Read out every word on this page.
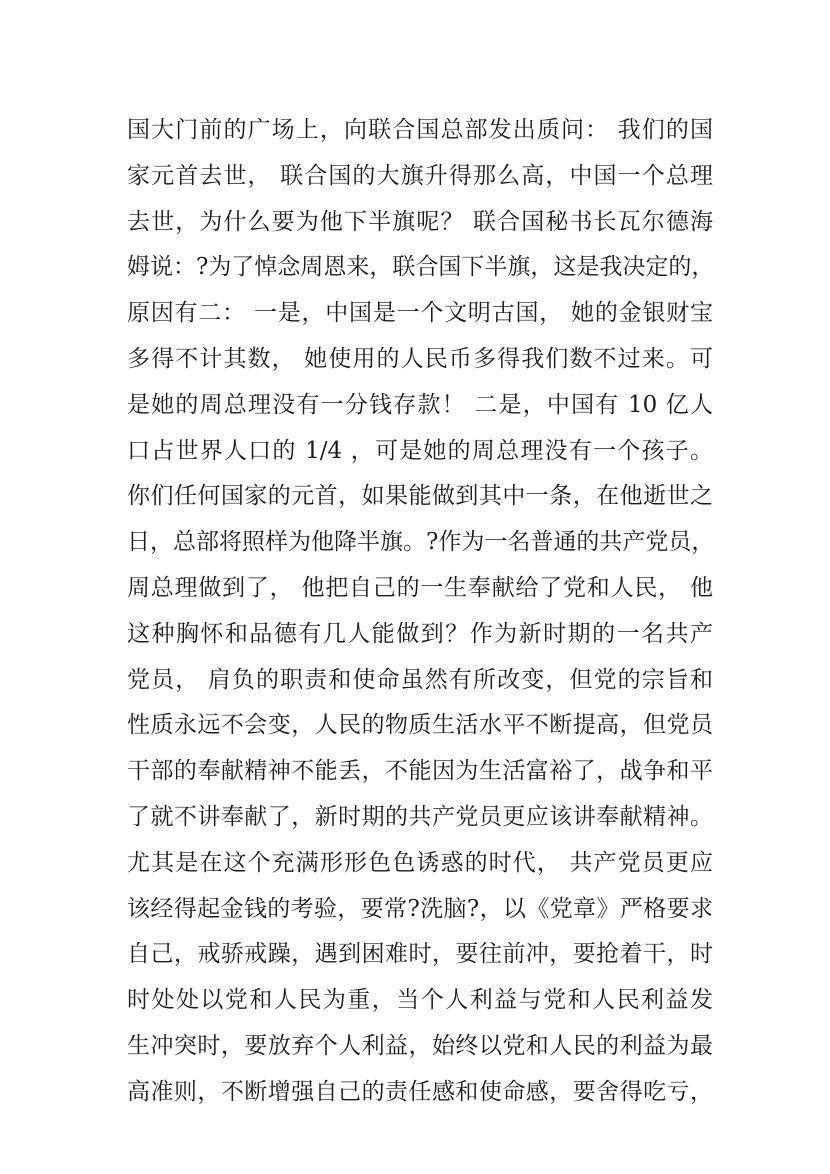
国大门前的广场上，向联合国总部发出质问： 我们的国
家元首去世， 联合国的大旗升得那么高，中国一个总理
去世，为什么要为他下半旗呢？ 联合国秘书长瓦尔德海
姆说：?为了悼念周恩来，联合国下半旗，这是我决定的，
原因有二： 一是，中国是一个文明古国， 她的金银财宝
多得不计其数， 她使用的人民币多得我们数不过来。可
是她的周总理没有一分钱存款！ 二是，中国有 10 亿人
口占世界人口的 1/4 ，可是她的周总理没有一个孩子。
你们任何国家的元首，如果能做到其中一条，在他逝世之
日，总部将照样为他降半旗。?作为一名普通的共产党员，
周总理做到了， 他把自己的一生奉献给了党和人民， 他
这种胸怀和品德有几人能做到？作为新时期的一名共产
党员， 肩负的职责和使命虽然有所改变，但党的宗旨和
性质永远不会变，人民的物质生活水平不断提高，但党员
干部的奉献精神不能丢，不能因为生活富裕了，战争和平
了就不讲奉献了，新时期的共产党员更应该讲奉献精神。
尤其是在这个充满形形色色诱惑的时代， 共产党员更应
该经得起金钱的考验，要常?洗脑?，以《党章》严格要求
自己，戒骄戒躁，遇到困难时，要往前冲，要抢着干，时
时处处以党和人民为重，当个人利益与党和人民利益发
生冲突时，要放弃个人利益，始终以党和人民的利益为最
高准则，不断增强自己的责任感和使命感，要舍得吃亏，
